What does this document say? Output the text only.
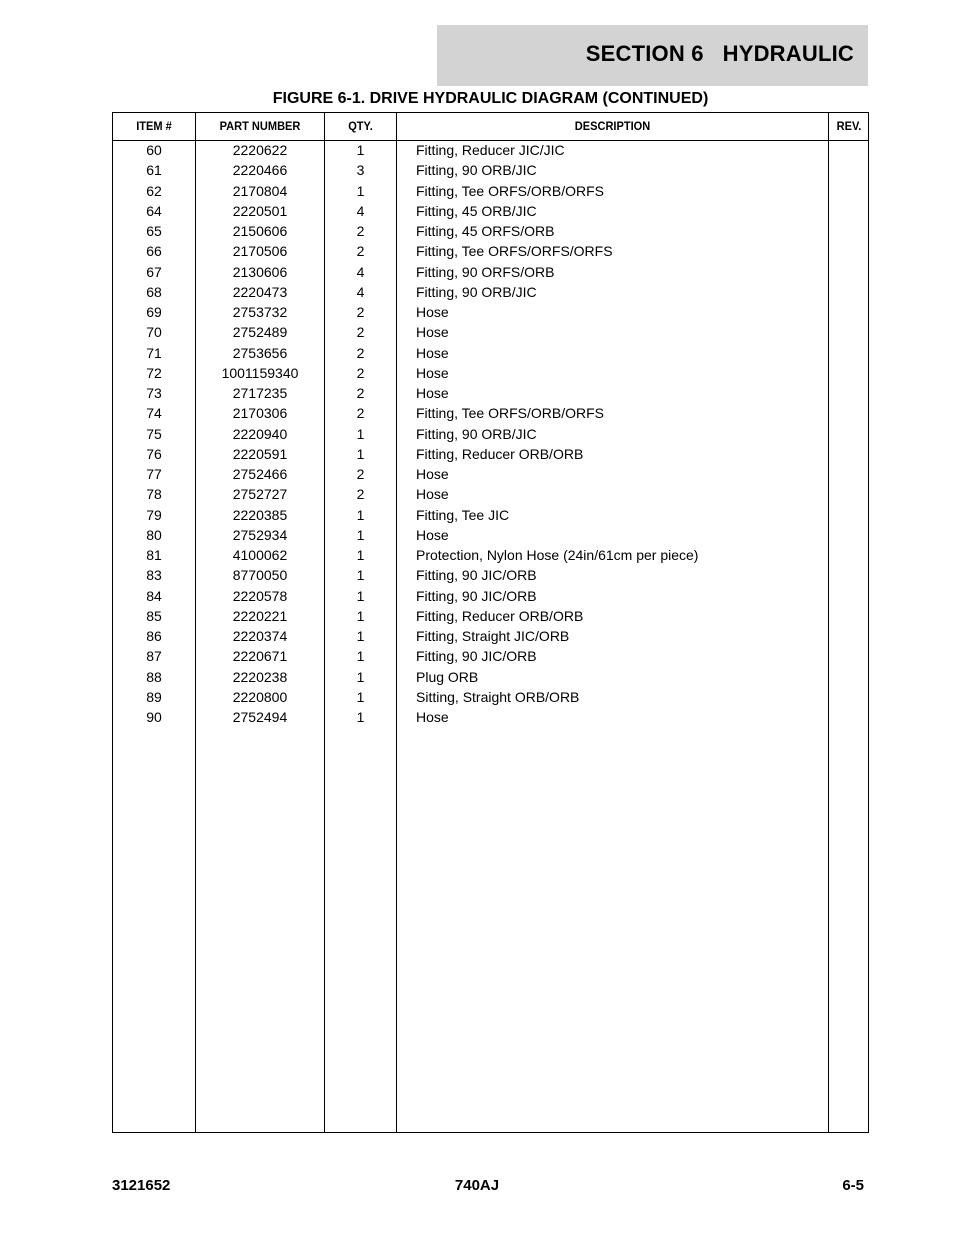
SECTION 6   HYDRAULIC
FIGURE 6-1. DRIVE HYDRAULIC DIAGRAM (CONTINUED)
ITEM #	PART NUMBER	QTY.	DESCRIPTION	REV.
60	2220622	1	Fitting, Reducer JIC/JIC
61	2220466	3	Fitting, 90 ORB/JIC
62	2170804	1	Fitting, Tee ORFS/ORB/ORFS
64	2220501	4	Fitting, 45 ORB/JIC
65	2150606	2	Fitting, 45 ORFS/ORB
66	2170506	2	Fitting, Tee ORFS/ORFS/ORFS
67	2130606	4	Fitting, 90 ORFS/ORB
68	2220473	4	Fitting, 90 ORB/JIC
69	2753732	2	Hose
70	2752489	2	Hose
71	2753656	2	Hose
72	1001159340	2	Hose
73	2717235	2	Hose
74	2170306	2	Fitting, Tee ORFS/ORB/ORFS
75	2220940	1	Fitting, 90 ORB/JIC
76	2220591	1	Fitting, Reducer ORB/ORB
77	2752466	2	Hose
78	2752727	2	Hose
79	2220385	1	Fitting, Tee JIC
80	2752934	1	Hose
81	4100062	1	Protection, Nylon Hose (24in/61cm per piece)
83	8770050	1	Fitting, 90 JIC/ORB
84	2220578	1	Fitting, 90 JIC/ORB
85	2220221	1	Fitting, Reducer ORB/ORB
86	2220374	1	Fitting, Straight JIC/ORB
87	2220671	1	Fitting, 90 JIC/ORB
88	2220238	1	Plug ORB
89	2220800	1	Sitting, Straight ORB/ORB
90	2752494	1	Hose
3121652	740AJ	6-5
